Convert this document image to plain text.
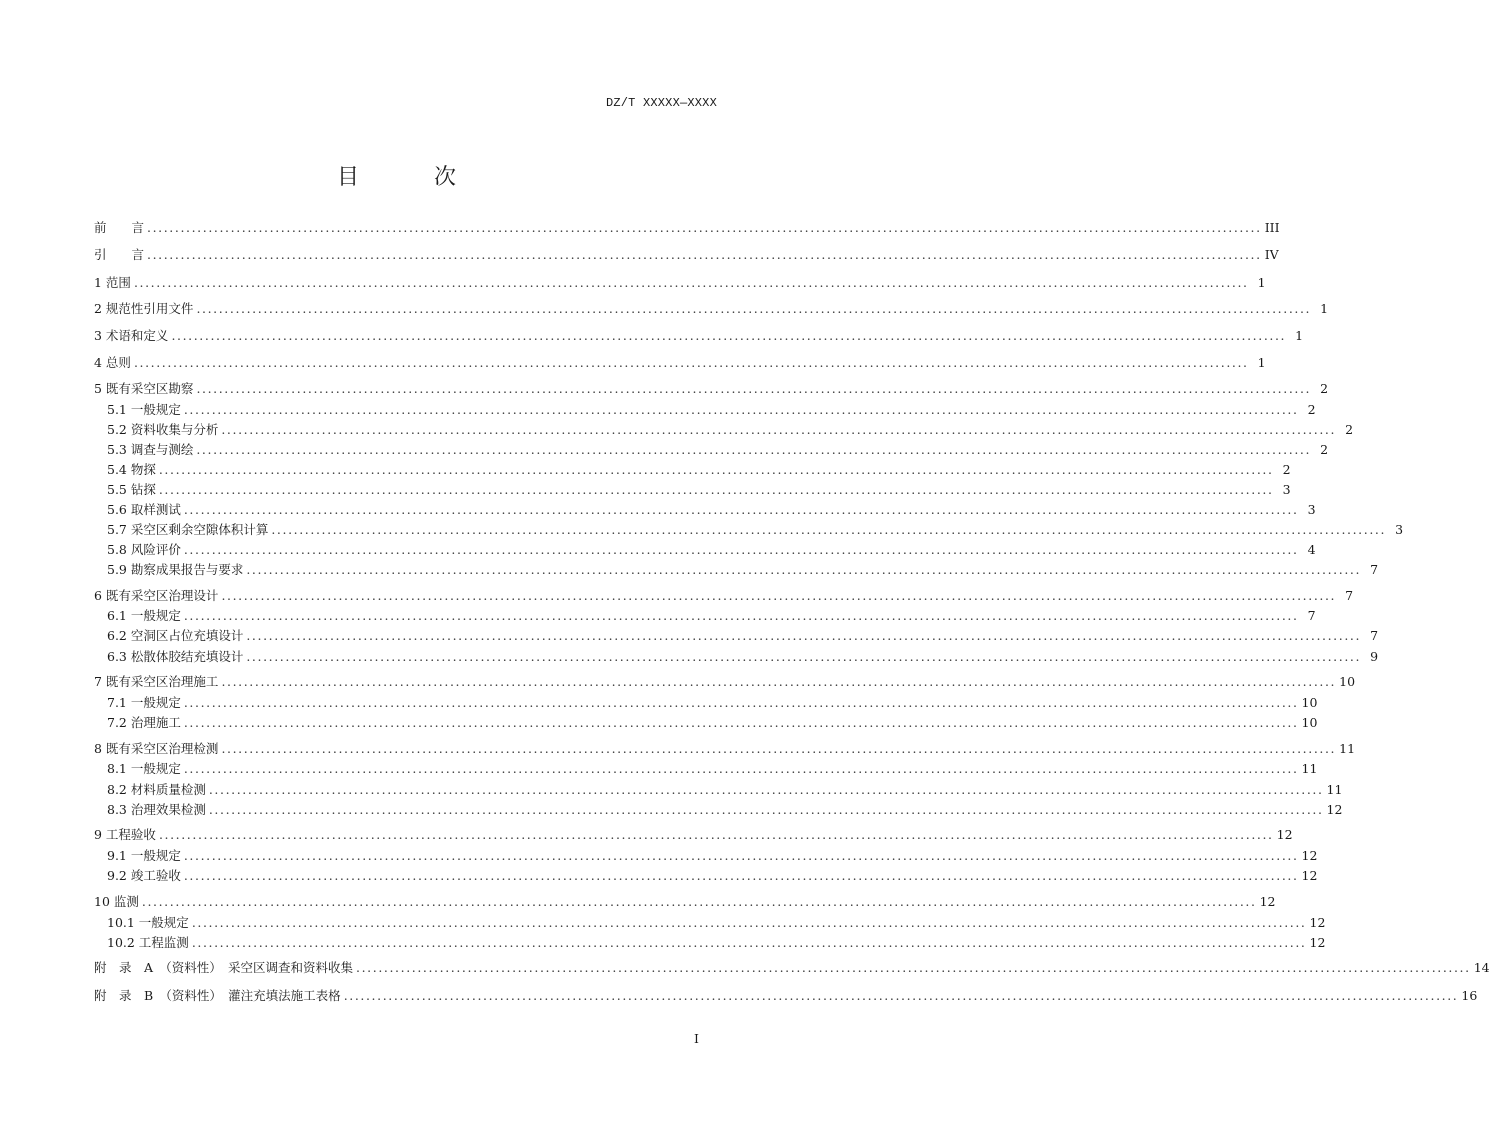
DZ/T XXXXX—XXXX
目 次
前　　言 ........................................................................................................................................................................................................ III
引　　言 ........................................................................................................................................................................................................ IV
1 范围 ........................................................................................................................................................................................................ 1
2 规范性引用文件 ........................................................................................................................................................................................................ 1
3 术语和定义 ........................................................................................................................................................................................................ 1
4 总则 ........................................................................................................................................................................................................ 1
5 既有采空区勘察 ........................................................................................................................................................................................................ 2
5.1 一般规定 ........................................................................................................................................................................................................ 2
5.2 资料收集与分析 ........................................................................................................................................................................................................ 2
5.3 调查与测绘 ........................................................................................................................................................................................................ 2
5.4 物探 ........................................................................................................................................................................................................ 2
5.5 钻探 ........................................................................................................................................................................................................ 3
5.6 取样测试 ........................................................................................................................................................................................................ 3
5.7 采空区剩余空隙体积计算 ........................................................................................................................................................................................................ 3
5.8 风险评价 ........................................................................................................................................................................................................ 4
5.9 勘察成果报告与要求 ........................................................................................................................................................................................................ 7
6 既有采空区治理设计 ........................................................................................................................................................................................................ 7
6.1 一般规定 ........................................................................................................................................................................................................ 7
6.2 空洞区占位充填设计 ........................................................................................................................................................................................................ 7
6.3 松散体胶结充填设计 ........................................................................................................................................................................................................ 9
7 既有采空区治理施工 ........................................................................................................................................................................................................ 10
7.1 一般规定 ........................................................................................................................................................................................................ 10
7.2 治理施工 ........................................................................................................................................................................................................ 10
8 既有采空区治理检测 ........................................................................................................................................................................................................ 11
8.1 一般规定 ........................................................................................................................................................................................................ 11
8.2 材料质量检测 ........................................................................................................................................................................................................ 11
8.3 治理效果检测 ........................................................................................................................................................................................................ 12
9 工程验收 ........................................................................................................................................................................................................ 12
9.1 一般规定 ........................................................................................................................................................................................................ 12
9.2 竣工验收 ........................................................................................................................................................................................................ 12
10 监测 ........................................................................................................................................................................................................ 12
10.1 一般规定 ........................................................................................................................................................................................................ 12
10.2 工程监测 ........................................................................................................................................................................................................ 12
附　录　A　（资料性）　采空区调查和资料收集 ........................................................................................................................................................................................................ 14
附　录　B　（资料性）　灌注充填法施工表格 ........................................................................................................................................................................................................ 16
I
